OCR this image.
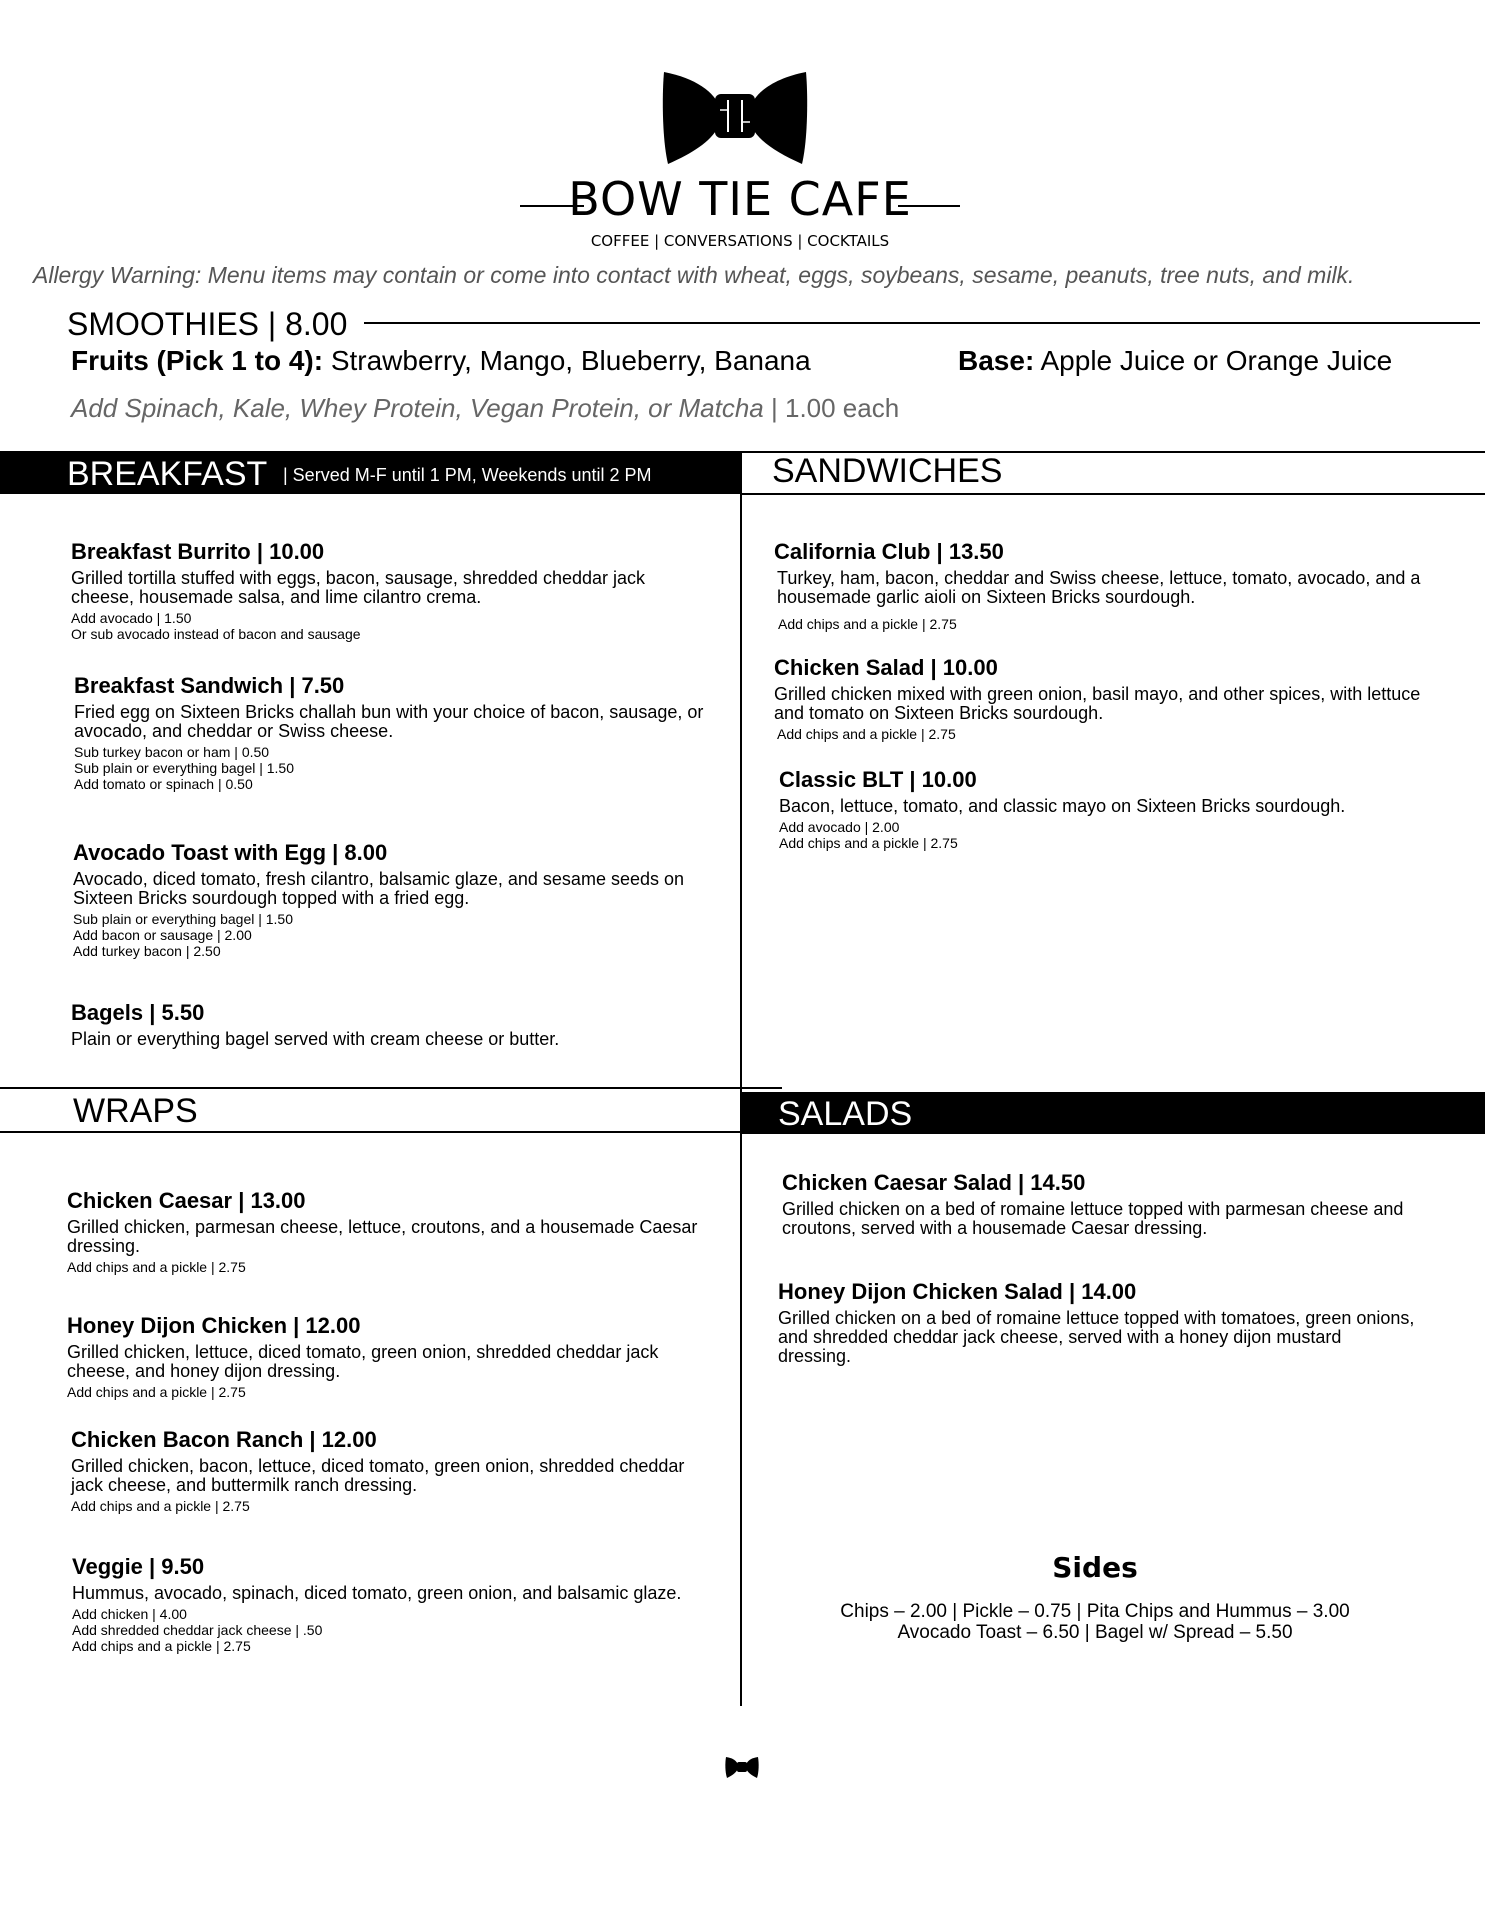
BOW TIE CAFE
COFFEE | CONVERSATIONS | COCKTAILS
Allergy Warning: Menu items may contain or come into contact with wheat, eggs, soybeans, sesame, peanuts, tree nuts, and milk.
SMOOTHIES | 8.00
Fruits (Pick 1 to 4): Strawberry, Mango, Blueberry, Banana	Base: Apple Juice or Orange Juice
Add Spinach, Kale, Whey Protein, Vegan Protein, or Matcha | 1.00 each
BREAKFAST | Served M-F until 1 PM, Weekends until 2 PM	SANDWICHES
Breakfast Burrito | 10.00
Grilled tortilla stuffed with eggs, bacon, sausage, shredded cheddar jack cheese, housemade salsa, and lime cilantro crema.
Add avocado | 1.50
Or sub avocado instead of bacon and sausage
Breakfast Sandwich | 7.50
Fried egg on Sixteen Bricks challah bun with your choice of bacon, sausage, or avocado, and cheddar or Swiss cheese.
Sub turkey bacon or ham | 0.50
Sub plain or everything bagel | 1.50
Add tomato or spinach | 0.50
Avocado Toast with Egg | 8.00
Avocado, diced tomato, fresh cilantro, balsamic glaze, and sesame seeds on Sixteen Bricks sourdough topped with a fried egg.
Sub plain or everything bagel | 1.50
Add bacon or sausage | 2.00
Add turkey bacon | 2.50
Bagels | 5.50
Plain or everything bagel served with cream cheese or butter.
California Club | 13.50
Turkey, ham, bacon, cheddar and Swiss cheese, lettuce, tomato, avocado, and a housemade garlic aioli on Sixteen Bricks sourdough.
Add chips and a pickle | 2.75
Chicken Salad | 10.00
Grilled chicken mixed with green onion, basil mayo, and other spices, with lettuce and tomato on Sixteen Bricks sourdough.
Add chips and a pickle | 2.75
Classic BLT | 10.00
Bacon, lettuce, tomato, and classic mayo on Sixteen Bricks sourdough.
Add avocado | 2.00
Add chips and a pickle | 2.75
WRAPS	SALADS
Chicken Caesar | 13.00
Grilled chicken, parmesan cheese, lettuce, croutons, and a housemade Caesar dressing.
Add chips and a pickle | 2.75
Honey Dijon Chicken | 12.00
Grilled chicken, lettuce, diced tomato, green onion, shredded cheddar jack cheese, and honey dijon dressing.
Add chips and a pickle | 2.75
Chicken Bacon Ranch | 12.00
Grilled chicken, bacon, lettuce, diced tomato, green onion, shredded cheddar jack cheese, and buttermilk ranch dressing.
Add chips and a pickle | 2.75
Veggie | 9.50
Hummus, avocado, spinach, diced tomato, green onion, and balsamic glaze.
Add chicken | 4.00
Add shredded cheddar jack cheese | .50
Add chips and a pickle | 2.75
Chicken Caesar Salad | 14.50
Grilled chicken on a bed of romaine lettuce topped with parmesan cheese and croutons, served with a housemade Caesar dressing.
Honey Dijon Chicken Salad | 14.00
Grilled chicken on a bed of romaine lettuce topped with tomatoes, green onions, and shredded cheddar jack cheese, served with a honey dijon mustard dressing.
Sides
Chips – 2.00 | Pickle – 0.75 | Pita Chips and Hummus – 3.00
Avocado Toast – 6.50 | Bagel w/ Spread – 5.50
